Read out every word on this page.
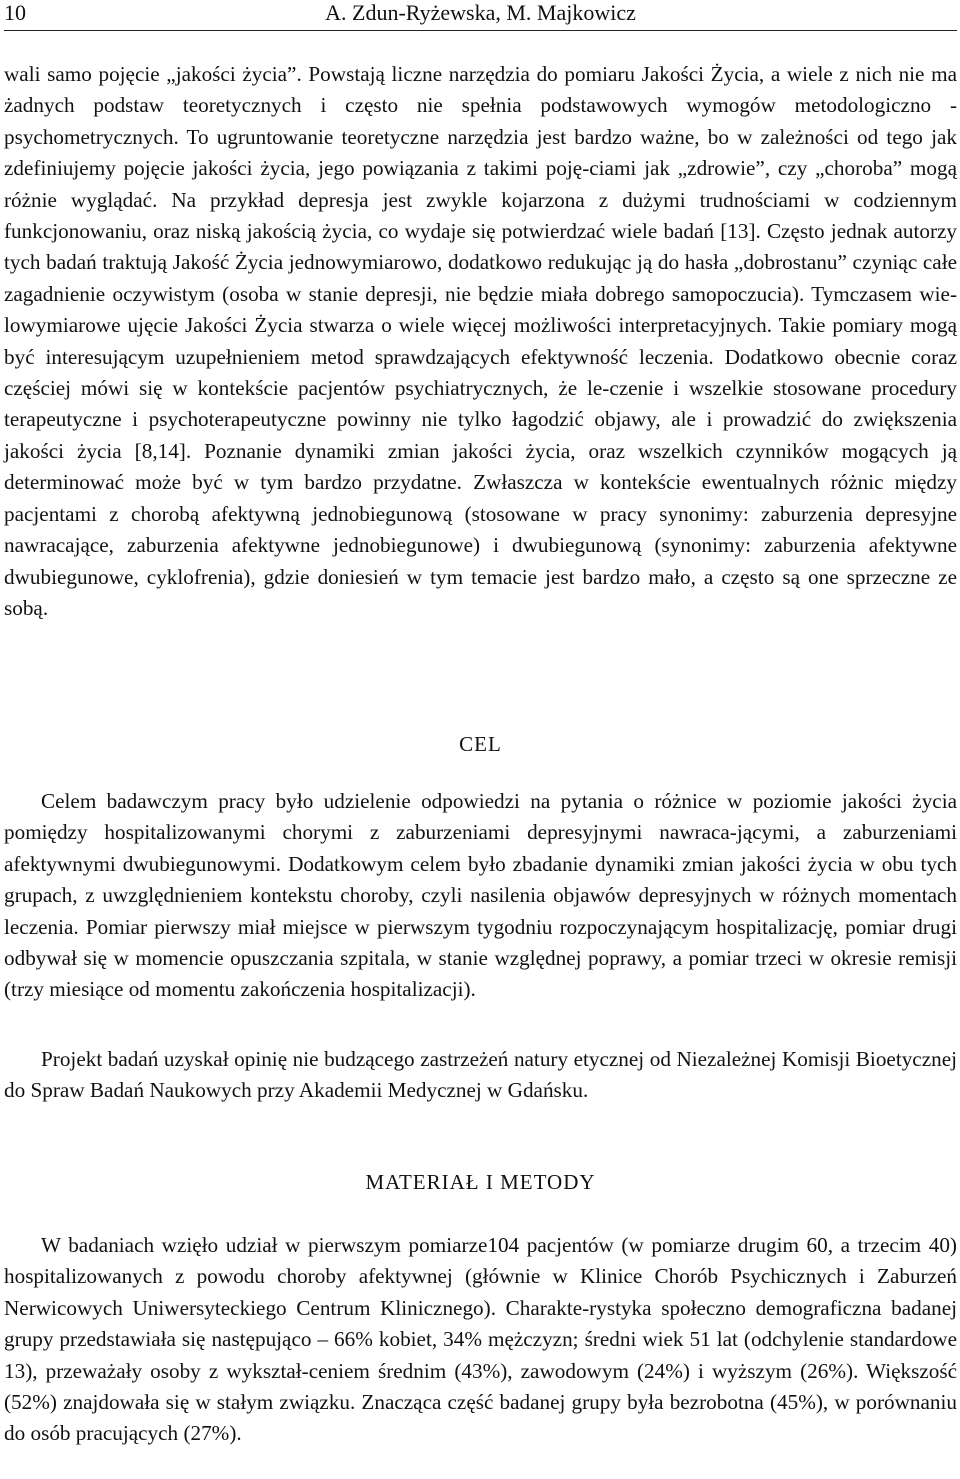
10	A. Zdun-Ryżewska, M. Majkowicz

wali samo pojęcie „jakości życia”. Powstają liczne narzędzia do pomiaru Jakości Życia, a wiele z nich nie ma żadnych podstaw teoretycznych i często nie spełnia podstawowych wymogów metodologiczno -psychometrycznych. To ugruntowanie teoretyczne narzędzia jest bardzo ważne, bo w zależności od tego jak zdefiniujemy pojęcie jakości życia, jego powiązania z takimi poję-ciami jak „zdrowie”, czy „choroba” mogą różnie wyglądać. Na przykład depresja jest zwykle kojarzona z dużymi trudnościami w codziennym funkcjonowaniu, oraz niską jakością życia, co wydaje się potwierdzać wiele badań [13]. Często jednak autorzy tych badań traktują Jakość Życia jednowymiarowo, dodatkowo redukując ją do hasła „dobrostanu” czyniąc całe zagadnienie oczywistym (osoba w stanie depresji, nie będzie miała dobrego samopoczucia). Tymczasem wie-lowymiarowe ujęcie Jakości Życia stwarza o wiele więcej możliwości interpretacyjnych. Takie pomiary mogą być interesującym uzupełnieniem metod sprawdzających efektywność leczenia. Dodatkowo obecnie coraz częściej mówi się w kontekście pacjentów psychiatrycznych, że le-czenie i wszelkie stosowane procedury terapeutyczne i psychoterapeutyczne powinny nie tylko łagodzić objawy, ale i prowadzić do zwiększenia jakości życia [8,14]. Poznanie dynamiki zmian jakości życia, oraz wszelkich czynników mogących ją determinować może być w tym bardzo przydatne. Zwłaszcza w kontekście ewentualnych różnic między pacjentami z chorobą afektywną jednobiegunową (stosowane w pracy synonimy: zaburzenia depresyjne nawracające, zaburzenia afektywne jednobiegunowe) i dwubiegunową (synonimy: zaburzenia afektywne dwubiegunowe, cyklofrenia), gdzie doniesień w tym temacie jest bardzo mało, a często są one sprzeczne ze sobą.

CEL

Celem badawczym pracy było udzielenie odpowiedzi na pytania o różnice w poziomie jakości życia pomiędzy hospitalizowanymi chorymi z zaburzeniami depresyjnymi nawraca-jącymi, a zaburzeniami afektywnymi dwubiegunowymi. Dodatkowym celem było zbadanie dynamiki zmian jakości życia w obu tych grupach, z uwzględnieniem kontekstu choroby, czyli nasilenia objawów depresyjnych w różnych momentach leczenia. Pomiar pierwszy miał miejsce w pierwszym tygodniu rozpoczynającym hospitalizację, pomiar drugi odbywał się w momencie opuszczania szpitala, w stanie względnej poprawy, a pomiar trzeci w okresie remisji (trzy miesiące od momentu zakończenia hospitalizacji).

Projekt badań uzyskał opinię nie budzącego zastrzeżeń natury etycznej od Niezależnej Komisji Bioetycznej do Spraw Badań Naukowych przy Akademii Medycznej w Gdańsku.

MATERIAŁ I METODY

W badaniach wzięło udział w pierwszym pomiarze104 pacjentów (w pomiarze drugim 60, a trzecim 40) hospitalizowanych z powodu choroby afektywnej (głównie w Klinice Chorób Psychicznych i Zaburzeń Nerwicowych Uniwersyteckiego Centrum Klinicznego). Charakte-rystyka społeczno demograficzna badanej grupy przedstawiała się następująco – 66% kobiet, 34% mężczyzn; średni wiek 51 lat (odchylenie standardowe 13), przeważały osoby z wykształ-ceniem średnim (43%), zawodowym (24%) i wyższym (26%). Większość (52%) znajdowała się w stałym związku. Znacząca część badanej grupy była bezrobotna (45%), w porównaniu do osób pracujących (27%).
